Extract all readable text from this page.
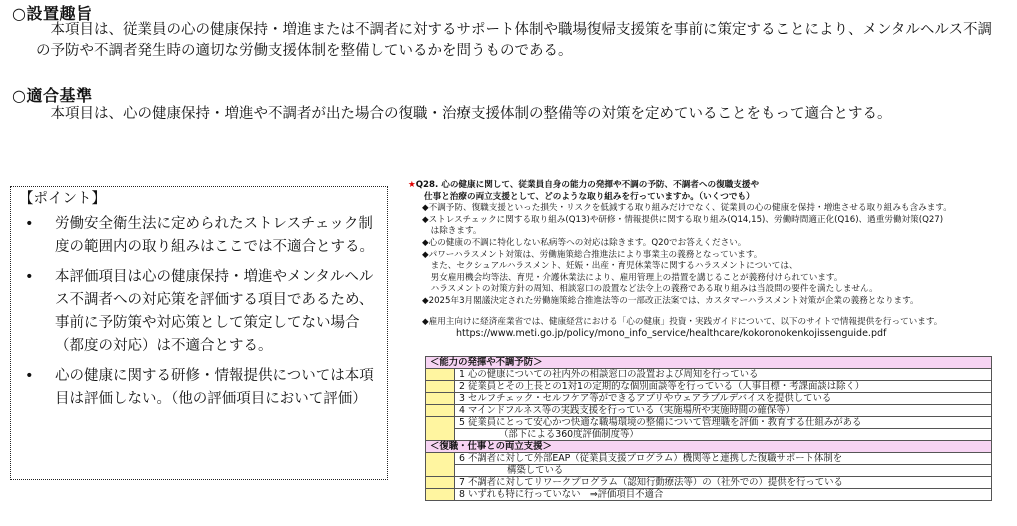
○設置趣旨
　本項目は、従業員の心の健康保持・増進または不調者に対するサポート体制や職場復帰支援策を事前に策定することにより、メンタルヘルス不調の予防や不調者発生時の適切な労働支援体制を整備しているかを問うものである。
○適合基準
　本項目は、心の健康保持・増進や不調者が出た場合の復職・治療支援体制の整備等の対策を定めていることをもって適合とする。
【ポイント】
• 労働安全衛生法に定められたストレスチェック制度の範囲内の取り組みはここでは不適合とする。
• 本評価項目は心の健康保持・増進やメンタルヘルス不調者への対応策を評価する項目であるため、事前に予防策や対応策として策定してない場合（都度の対応）は不適合とする。
• 心の健康に関する研修・情報提供については本項目は評価しない。（他の評価項目において評価）
★Q28. 心の健康に関して、従業員自身の能力の発揮や不調の予防、不調者への復職支援や
仕事と治療の両立支援として、どのような取り組みを行っていますか。（いくつでも）
◆不調予防、復職支援といった損失・リスクを低減する取り組みだけでなく、従業員の心の健康を保持・増進させる取り組みも含みます。
◆ストレスチェックに関する取り組み(Q13)や研修・情報提供に関する取り組み(Q14,15)、労働時間適正化(Q16)、過重労働対策(Q27)
　は除きます。
◆心の健康の不調に特化しない私病等への対応は除きます。Q20でお答えください。
◆パワーハラスメント対策は、労働施策総合推進法により事業主の義務となっています。
　また、セクシュアルハラスメント、妊娠・出産・育児休業等に関するハラスメントについては、
　男女雇用機会均等法、育児・介護休業法により、雇用管理上の措置を講じることが義務付けられています。
　ハラスメントの対策方針の周知、相談窓口の設置など法令上の義務である取り組みは当設問の要件を満たしません。
◆2025年3月閣議決定された労働施策総合推進法等の一部改正法案では、カスタマーハラスメント対策が企業の義務となります。
◆雇用主向けに経済産業省では、健康経営における「心の健康」投資・実践ガイドについて、以下のサイトで情報提供を行っています。
https://www.meti.go.jp/policy/mono_info_service/healthcare/kokoronokenkojissenguide.pdf
＜能力の発揮や不調予防＞	
	1 心の健康についての社内外の相談窓口の設置および周知を行っている
	2 従業員とその上長との1対1の定期的な個別面談等を行っている（人事目標・考課面談は除く）
	3 セルフチェック・セルフケア等ができるアプリやウェアラブルデバイスを提供している
	4 マインドフルネス等の実践支援を行っている（実施場所や実施時間の確保等）
	5 従業員にとって安心かつ快適な職場環境の整備について管理職を評価・教育する仕組みがある
	（部下による360度評価制度等）
＜復職・仕事との両立支援＞	
	6 不調者に対して外部EAP（従業員支援プログラム）機関等と連携した復職サポート体制を
	構築している
	7 不調者に対してリワークプログラム（認知行動療法等）の（社外での）提供を行っている
	8 いずれも特に行っていない　⇒評価項目不適合
